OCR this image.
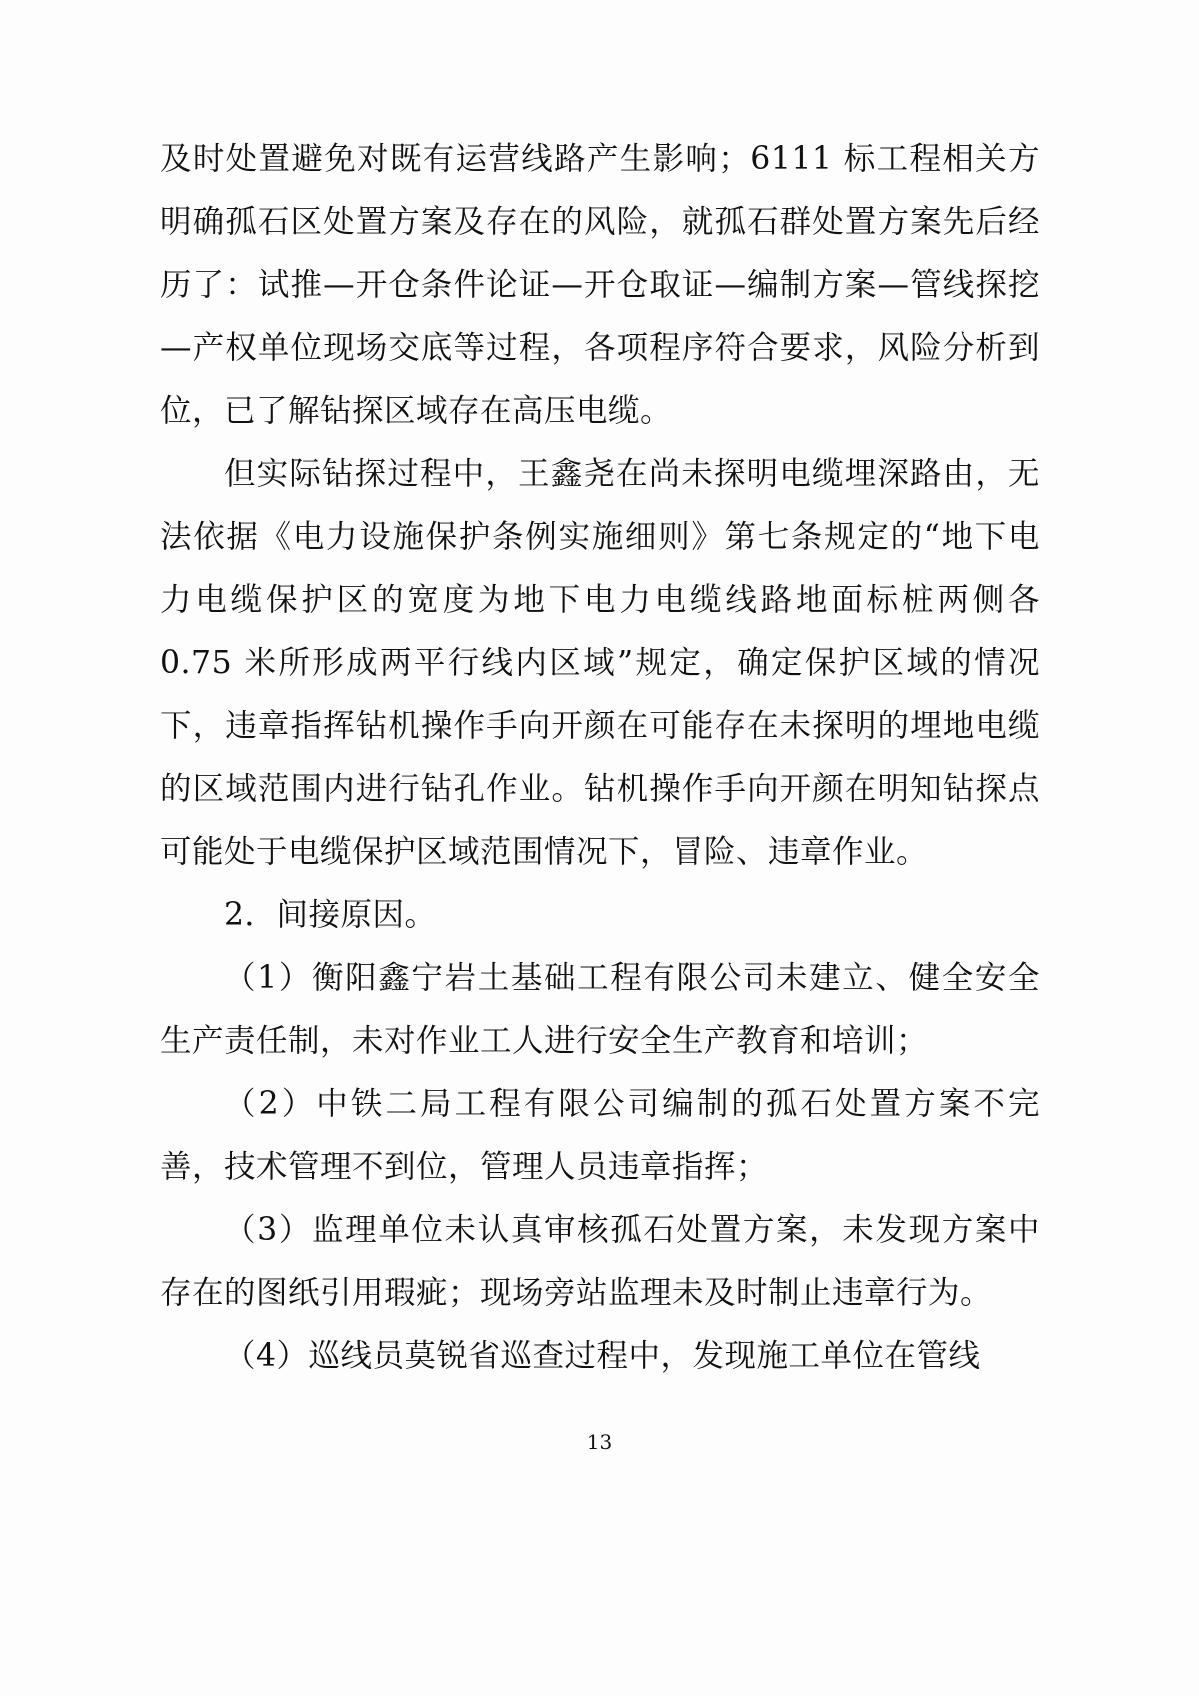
及时处置避免对既有运营线路产生影响；6111 标工程相关方明确孤石区处置方案及存在的风险，就孤石群处置方案先后经历了：试推—开仓条件论证—开仓取证—编制方案—管线探挖—产权单位现场交底等过程，各项程序符合要求，风险分析到位，已了解钻探区域存在高压电缆。

但实际钻探过程中，王鑫尧在尚未探明电缆埋深路由，无法依据《电力设施保护条例实施细则》第七条规定的“地下电力电缆保护区的宽度为地下电力电缆线路地面标桩两侧各 0.75 米所形成两平行线内区域”规定，确定保护区域的情况下，违章指挥钻机操作手向开颜在可能存在未探明的埋地电缆的区域范围内进行钻孔作业。钻机操作手向开颜在明知钻探点可能处于电缆保护区域范围情况下，冒险、违章作业。

2．间接原因。

（1）衡阳鑫宁岩土基础工程有限公司未建立、健全安全生产责任制，未对作业工人进行安全生产教育和培训；

（2）中铁二局工程有限公司编制的孤石处置方案不完善，技术管理不到位，管理人员违章指挥；

（3）监理单位未认真审核孤石处置方案，未发现方案中存在的图纸引用瑕疵；现场旁站监理未及时制止违章行为。

（4）巡线员莫锐省巡查过程中，发现施工单位在管线

13
